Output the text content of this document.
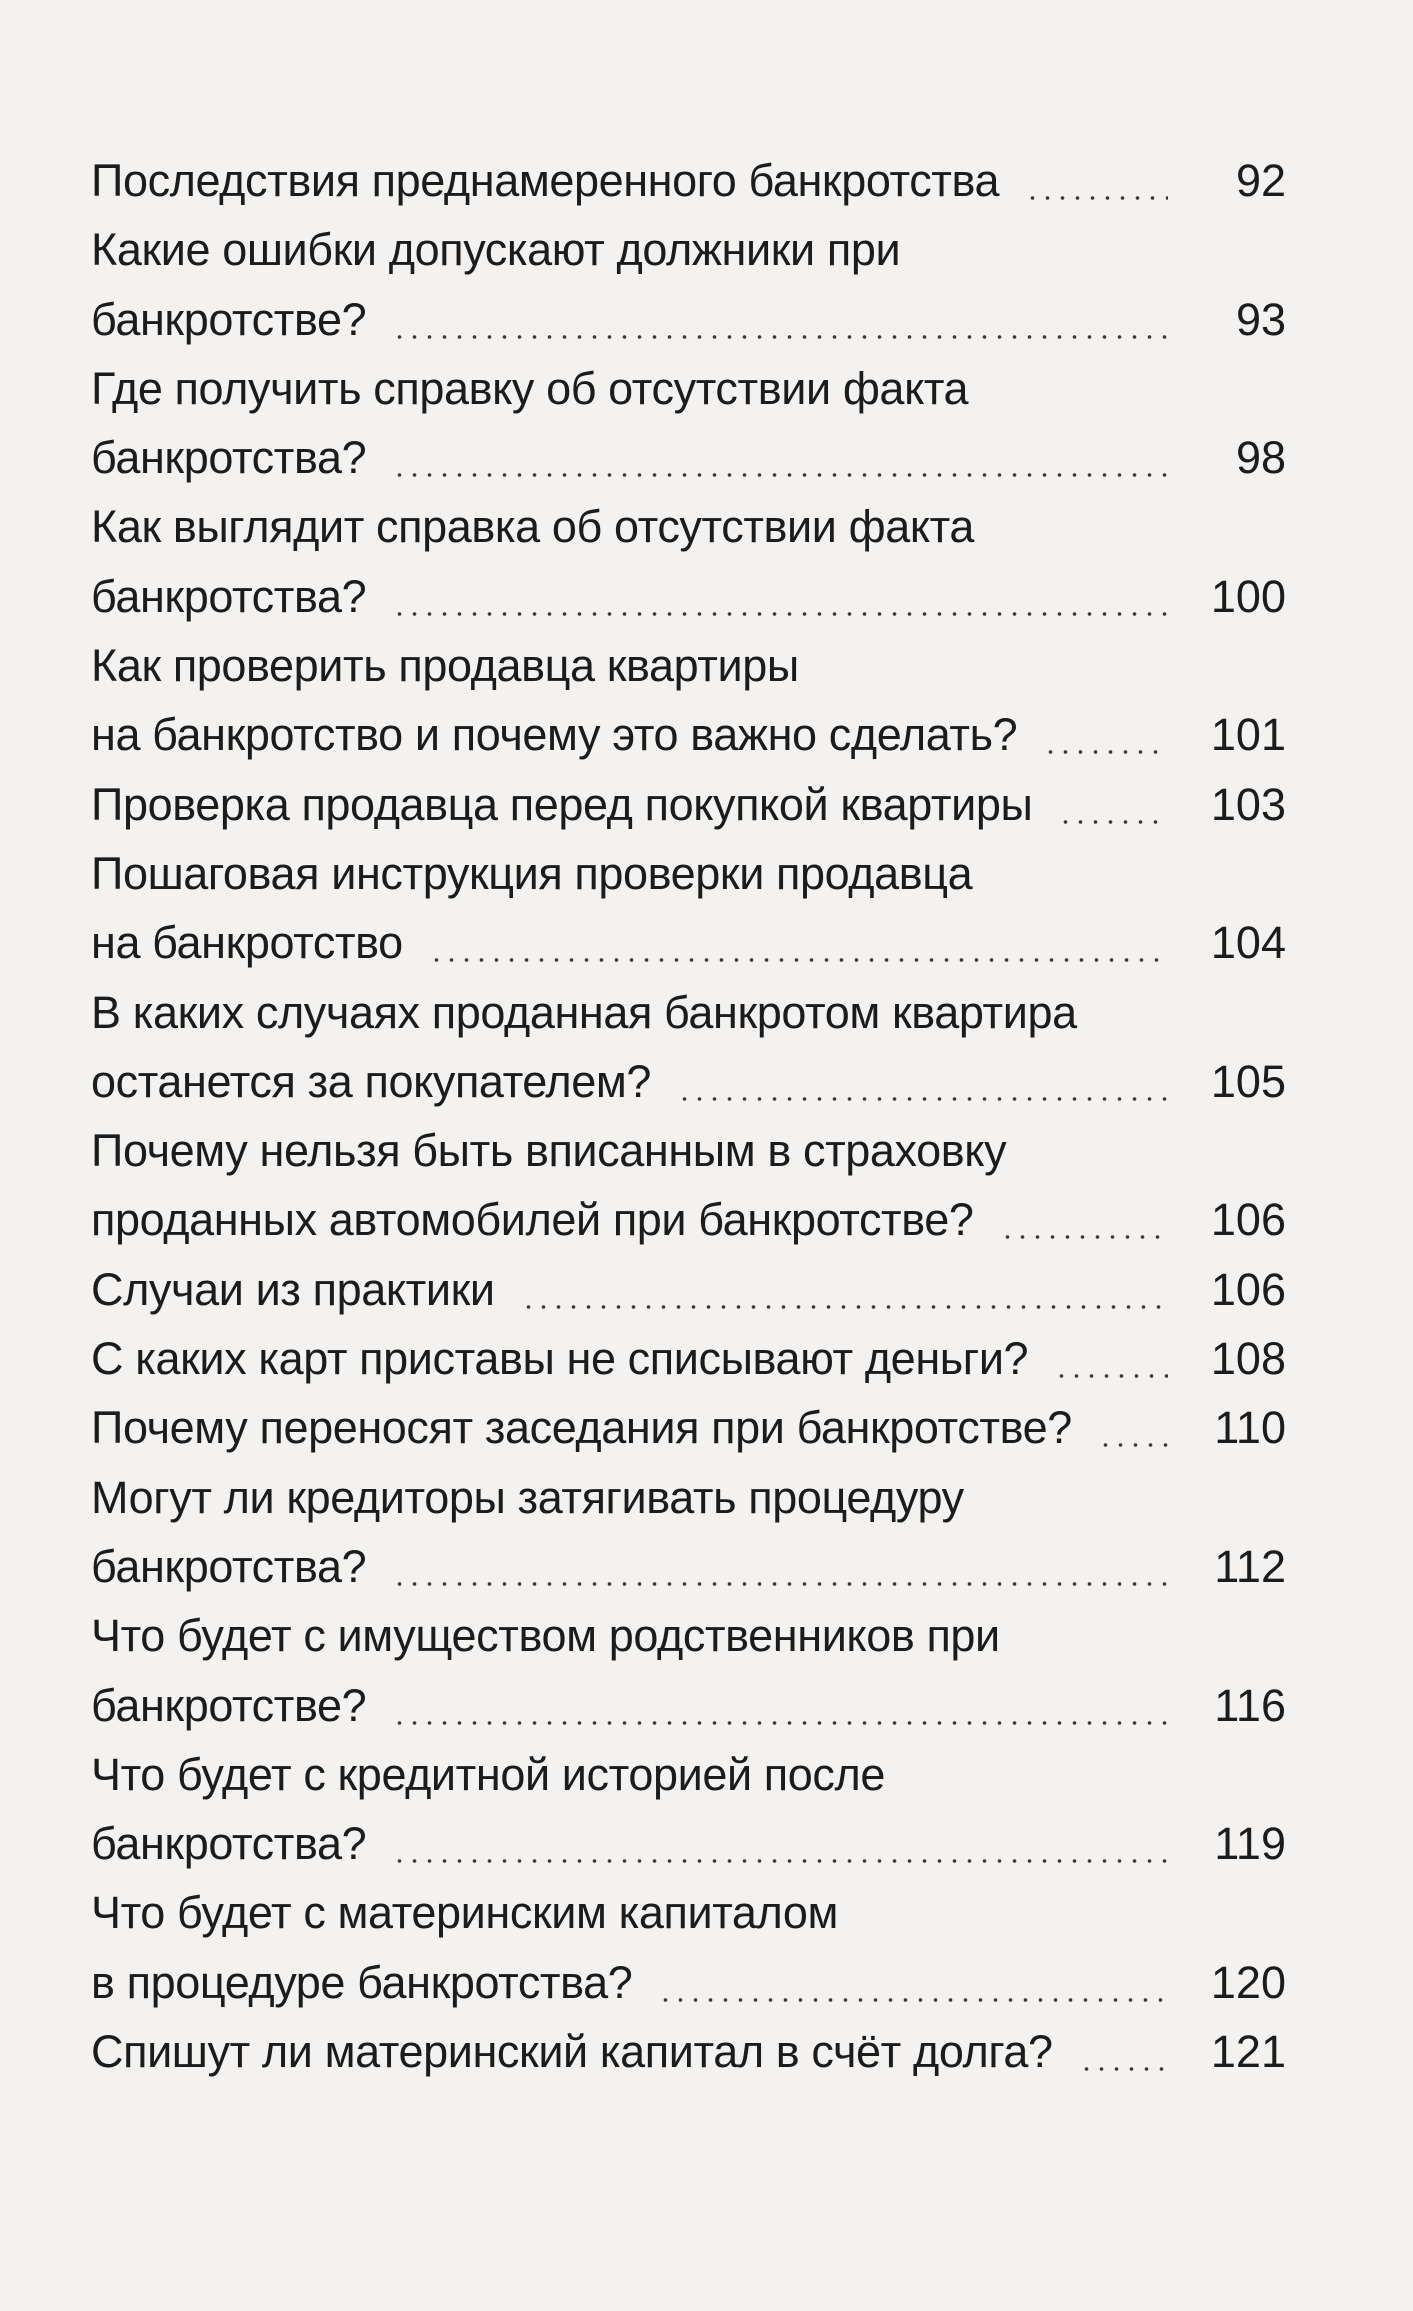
Последствия преднамеренного банкротства	92
Какие ошибки допускают должники при
банкротстве?	93
Где получить справку об отсутствии факта
банкротства?	98
Как выглядит справка об отсутствии факта
банкротства?	100
Как проверить продавца квартиры
на банкротство и почему это важно сделать?	101
Проверка продавца перед покупкой квартиры	103
Пошаговая инструкция проверки продавца
на банкротство	104
В каких случаях проданная банкротом квартира
останется за покупателем?	105
Почему нельзя быть вписанным в страховку
проданных автомобилей при банкротстве?	106
Случаи из практики	106
С каких карт приставы не списывают деньги?	108
Почему переносят заседания при банкротстве?	110
Могут ли кредиторы затягивать процедуру
банкротства?	112
Что будет с имуществом родственников при
банкротстве?	116
Что будет с кредитной историей после
банкротства?	119
Что будет с материнским капиталом
в процедуре банкротства?	120
Спишут ли материнский капитал в счёт долга?	121
